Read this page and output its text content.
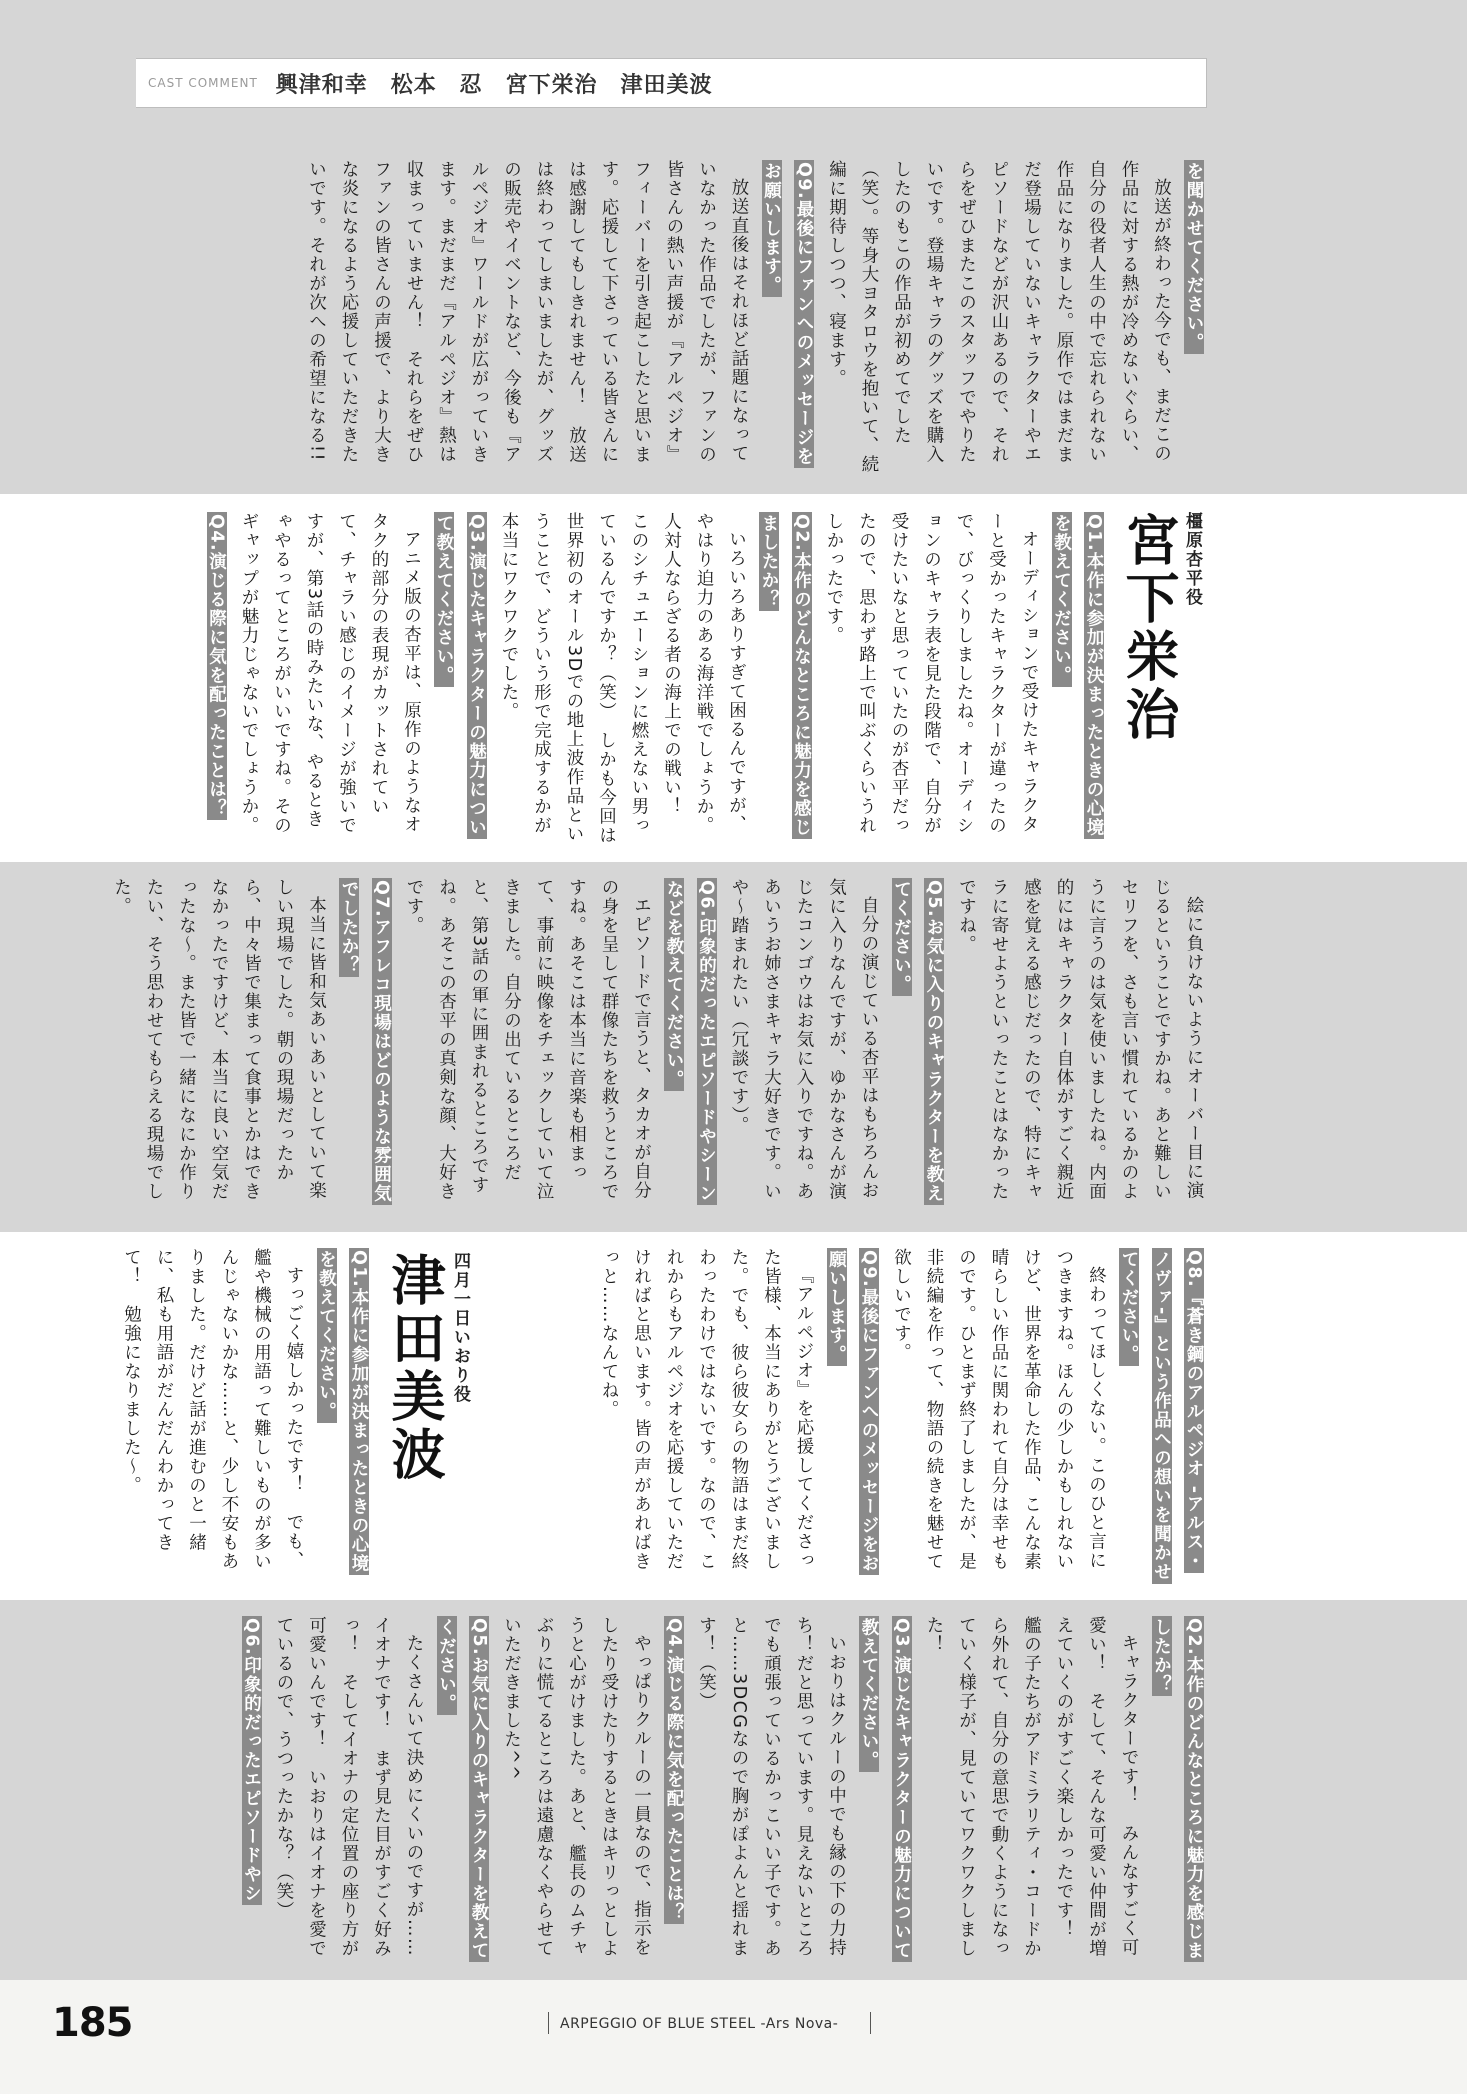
CAST COMMENT 興津和幸　松本 忍　宮下栄治　津田美波
を聞かせてください。

放送が終わった今でも、まだこの作品に対する熱が冷めないぐらい、自分の役者人生の中で忘れられない作品になりました。原作ではまだまだ登場していないキャラクターやエピソードなどが沢山あるので、それらをぜひまたこのスタッフでやりたいです。登場キャラのグッズを購入したのもこの作品が初めてでした（笑）。等身大ヨタロウを抱いて、続編に期待しつつ、寝ます。

Q9.最後にファンへのメッセージをお願いします。

放送直後はそれほど話題になっていなかった作品でしたが、ファンの皆さんの熱い声援が『アルペジオ』フィーバーを引き起こしたと思います。応援して下さっている皆さんには感謝してもしきれません！　放送は終わってしまいましたが、グッズの販売やイベントなど、今後も『アルペジオ』ワールドが広がっていきます。まだまだ『アルペジオ』熱は収まっていません！　それらをぜひファンの皆さんの声援で、より大きな炎になるよう応援していただきたいです。それが次への希望になる!!

橿原杏平役
宮下栄治
Q1.本作に参加が決まったときの心境を教えてください。

オーディションで受けたキャラクターと受かったキャラクターが違ったので、びっくりしましたね。オーディションのキャラ表を見た段階で、自分が受けたいなと思っていたのが杏平だったので、思わず路上で叫ぶくらいうれしかったです。

Q2.本作のどんなところに魅力を感じましたか？

いろいろありすぎて困るんですが、やはり迫力のある海洋戦でしょうか。人対人ならざる者の海上での戦い！　このシチュエーションに燃えない男っているんですか？（笑）　しかも今回は世界初のオール3Dでの地上波作品ということで、どういう形で完成するかが本当にワクワクでした。

Q3.演じたキャラクターの魅力について教えてください。

アニメ版の杏平は、原作のようなオタク的部分の表現がカットされていて、チャラい感じのイメージが強いですが、第3話の時みたいな、やるときゃやるってところがいいですね。そのギャップが魅力じゃないでしょうか。

Q4.演じる際に気を配ったことは？

絵に負けないようにオーバー目に演じるということですかね。あと難しいセリフを、さも言い慣れているかのように言うのは気を使いましたね。内面的にはキャラクター自体がすごく親近感を覚える感じだったので、特にキャラに寄せようといったことはなかったですね。

Q5.お気に入りのキャラクターを教えてください。

自分の演じている杏平はもちろんお気に入りなんですが、ゆかなさんが演じたコンゴウはお気に入りですね。ああいうお姉さまキャラ大好きです。いや～踏まれたい（冗談です）。

Q6.印象的だったエピソードやシーンなどを教えてください。

エピソードで言うと、タカオが自分の身を呈して群像たちを救うところですね。あそこは本当に音楽も相まって、事前に映像をチェックしていて泣きました。自分の出ているところだと、第3話の軍に囲まれるところですね。あそこの杏平の真剣な顔、大好きです。

Q7.アフレコ現場はどのような雰囲気でしたか？

本当に皆和気あいあいとしていて楽しい現場でした。朝の現場だったから、中々皆で集まって食事とかはできなかったですけど、本当に良い空気だったな～。また皆で一緒になにか作りたい、そう思わせてもらえる現場でした。

Q8.『蒼き鋼のアルペジオ -アルス・ノヴァ-』という作品への想いを聞かせてください。

終わってほしくない。このひと言につきますね。ほんの少しかもしれないけど、世界を革命した作品、こんな素晴らしい作品に関われて自分は幸せものです。ひとまず終了しましたが、是非続編を作って、物語の続きを魅せて欲しいです。

Q9.最後にファンへのメッセージをお願いします。

『アルペジオ』を応援してくださった皆様、本当にありがとうございました。でも、彼ら彼女らの物語はまだ終わったわけではないです。なので、これからもアルペジオを応援していただければと思います。皆の声があればきっと……なんてね。

四月一日いおり役
津田美波
Q1.本作に参加が決まったときの心境を教えてください。

すっごく嬉しかったです！　でも、艦や機械の用語って難しいものが多いんじゃないかな……と、少し不安もありました。だけど話が進むのと一緒に、私も用語がだんだんわかってきて！　勉強になりました～。

Q2.本作のどんなところに魅力を感じましたか？

キャラクターです！　みんなすごく可愛い！　そして、そんな可愛い仲間が増えていくのがすごく楽しかったです！　艦の子たちがアドミラリティ・コードから外れて、自分の意思で動くようになっていく様子が、見ていてワクワクしました！

Q3.演じたキャラクターの魅力について教えてください。

いおりはクルーの中でも縁の下の力持ち！だと思っています。見えないところでも頑張っているかっこいい子です。あと……3DCGなので胸がぽよんと揺れます！（笑）

Q4.演じる際に気を配ったことは？

やっぱりクルーの一員なので、指示をしたり受けたりするときはキリっとしようと心がけました。あと、艦長のムチャぶりに慌てるところは遠慮なくやらせていただきました^^

Q5.お気に入りのキャラクターを教えてください。

たくさんいて決めにくいのですが……イオナです！　まず見た目がすごく好みっ！　そしてイオナの定位置の座り方が可愛いんです！　いおりはイオナを愛でているので、うつったかな？（笑）

Q6.印象的だったエピソードやシ
185	ARPEGGIO OF BLUE STEEL -Ars Nova-
